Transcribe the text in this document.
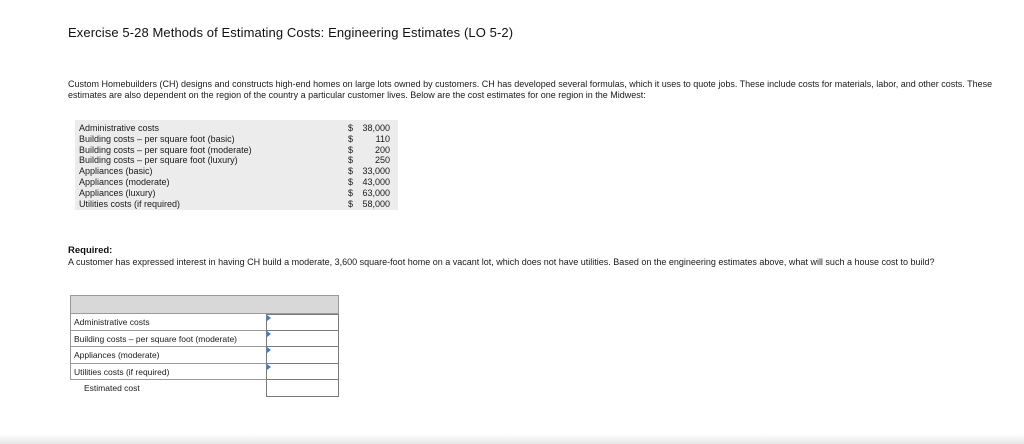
Exercise 5-28 Methods of Estimating Costs: Engineering Estimates (LO 5-2)
Custom Homebuilders (CH) designs and constructs high-end homes on large lots owned by customers. CH has developed several formulas, which it uses to quote jobs. These include costs for materials, labor, and other costs. These estimates are also dependent on the region of the country a particular customer lives. Below are the cost estimates for one region in the Midwest:
Administrative costs	$ 38,000
Building costs – per square foot (basic)	$	110
Building costs – per square foot (moderate)	$ 200
Building costs – per square foot (luxury)	$ 250
Appliances (basic)	$ 33,000
Appliances (moderate)	$ 43,000
Appliances (luxury)	$ 63,000
Utilities costs (if required)	$ 58,000
Required:
A customer has expressed interest in having CH build a moderate, 3,600 square-foot home on a vacant lot, which does not have utilities. Based on the engineering estimates above, what will such a house cost to build?
Administrative costs
Building costs – per square foot (moderate)
Appliances (moderate)
Utilities costs (if required)
Estimated cost
